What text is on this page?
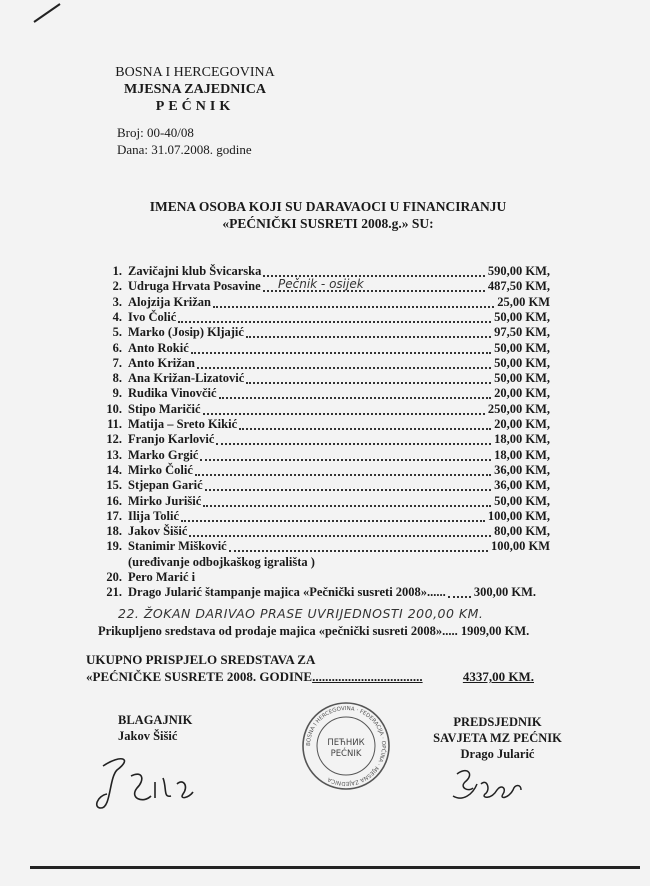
BOSNA I HERCEGOVINA
MJESNA ZAJEDNICA
PEĆNIK
Broj: 00-40/08
Dana: 31.07.2008. godine
IMENA OSOBA KOJI SU DARAVAOCI U FINANCIRANJU
«PEĆNIČKI SUSRETI 2008.g.» SU:
1. Zavičajni klub Švicarska	590,00 KM,
2. Udruga Hrvata Posavine	487,50 KM,
Pečnik - osijek
3. Alojzija Križan	25,00 KM
4. Ivo Čolić	50,00 KM,
5. Marko (Josip) Kljajić	97,50 KM,
6. Anto Rokić	50,00 KM,
7. Anto Križan	50,00 KM,
8. Ana Križan-Lizatović	50,00 KM,
9. Rudika Vinovčić	20,00 KM,
10. Stipo Maričić	250,00 KM,
11. Matija – Sreto Kikić	20,00 KM,
12. Franjo Karlović	18,00 KM,
13. Marko Grgić	18,00 KM,
14. Mirko Čolić	36,00 KM,
15. Stjepan Garić	36,00 KM,
16. Mirko Jurišić	50,00 KM,
17. Ilija Tolić	100,00 KM,
18. Jakov Šišić	80,00 KM,
19. Stanimir Mišković	100,00 KM
(uređivanje odbojkaškog igrališta )
20. Pero Marić i
21. Drago Jularić štampanje majica «Pečnički susreti 2008»...... 300,00 KM.
22. ŽOKAN DARIVAO PRASE UVRIJEDNOSTI 200,00 KM.
Prikupljeno sredstava od prodaje majica «pečnički susreti 2008»..... 1909,00 KM.
UKUPNO PRISPJELO SREDSTAVA ZA
«PEĆNIČKE SUSRETE 2008. GODINE..................................	4337,00 KM.
BLAGAJNIK
Jakov Šišić
BOSNA I HERCEGOVINA · FEDERACIJA · OPĆINA · MJESNA ZAJEDNICA
ПЕЋНИК
PEĆNIK
PREDSJEDNIK
SAVJETA MZ PEĆNIK
Drago Jularić
